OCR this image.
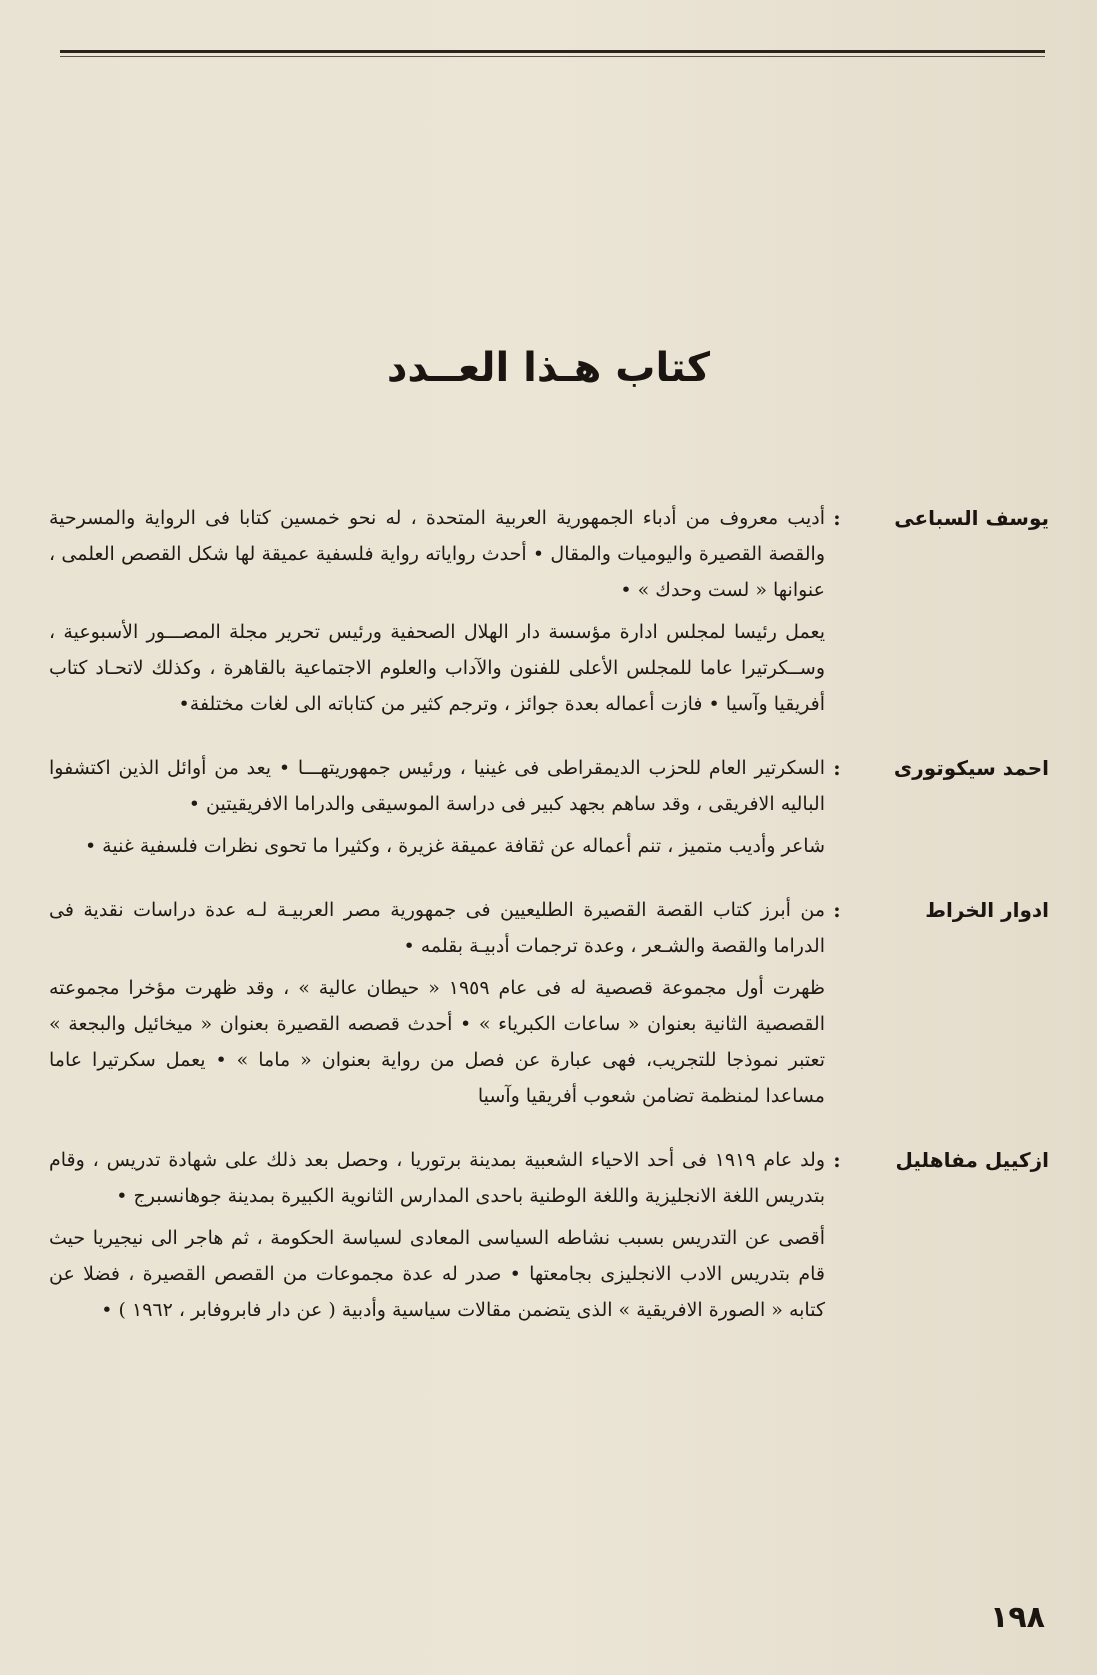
كتاب هـذا العــدد
يوسف السباعى
:

أديب معروف من أدباء الجمهورية العربية المتحدة ، له نحو خمسين كتابا فى الرواية والمسرحية والقصة القصيرة واليوميات والمقال • أحدث رواياته رواية فلسفية عميقة لها شكل القصص العلمى ، عنوانها « لست وحدك » •

يعمل رئيسا لمجلس ادارة مؤسسة دار الهلال الصحفية ورئيس تحرير مجلة المصـــور الأسبوعية ، وســكرتيرا عاما للمجلس الأعلى للفنون والآداب والعلوم الاجتماعية بالقاهرة ، وكذلك لاتحـاد كتاب أفريقيا وآسيا • فازت أعماله بعدة جوائز ، وترجم كثير من كتاباته الى لغات مختلفة•

احمد سيكوتورى
:

السكرتير العام للحزب الديمقراطى فى غينيا ، ورئيس جمهوريتهـــا • يعد من أوائل الذين اكتشفوا الباليه الافريقى ، وقد ساهم بجهد كبير فى دراسة الموسيقى والدراما الافريقيتين •

شاعر وأديب متميز ، تنم أعماله عن ثقافة عميقة غزيرة ، وكثيرا ما تحوى نظرات فلسفية غنية •

ادوار الخراط
:

من أبرز كتاب القصة القصيرة الطليعيين فى جمهورية مصر العربيـة لـه عدة دراسات نقدية فى الدراما والقصة والشـعر ، وعدة ترجمات أدبيـة بقلمه •

ظهرت أول مجموعة قصصية له فى عام ١٩٥٩ « حيطان عالية » ، وقد ظهرت مؤخرا مجموعته القصصية الثانية بعنوان « ساعات الكبرياء » • أحدث قصصه القصيرة بعنوان « ميخائيل والبجعة » تعتبر نموذجا للتجريب، فهى عبارة عن فصل من رواية بعنوان « ماما » • يعمل سكرتيرا عاما مساعدا لمنظمة تضامن شعوب أفريقيا وآسيا

ازكييل مفاهليل
:

ولد عام ١٩١٩ فى أحد الاحياء الشعبية بمدينة برتوريا ، وحصل بعد ذلك على شهادة تدريس ، وقام بتدريس اللغة الانجليزية واللغة الوطنية باحدى المدارس الثانوية الكبيرة بمدينة جوهانسبرج •

أقصى عن التدريس بسبب نشاطه السياسى المعادى لسياسة الحكومة ، ثم هاجر الى نيجيريا حيث قام بتدريس الادب الانجليزى بجامعتها • صدر له عدة مجموعات من القصص القصيرة ، فضلا عن كتابه « الصورة الافريقية » الذى يتضمن مقالات سياسية وأدبية ( عن دار فابروفابر ، ١٩٦٢ ) •

١٩٨
